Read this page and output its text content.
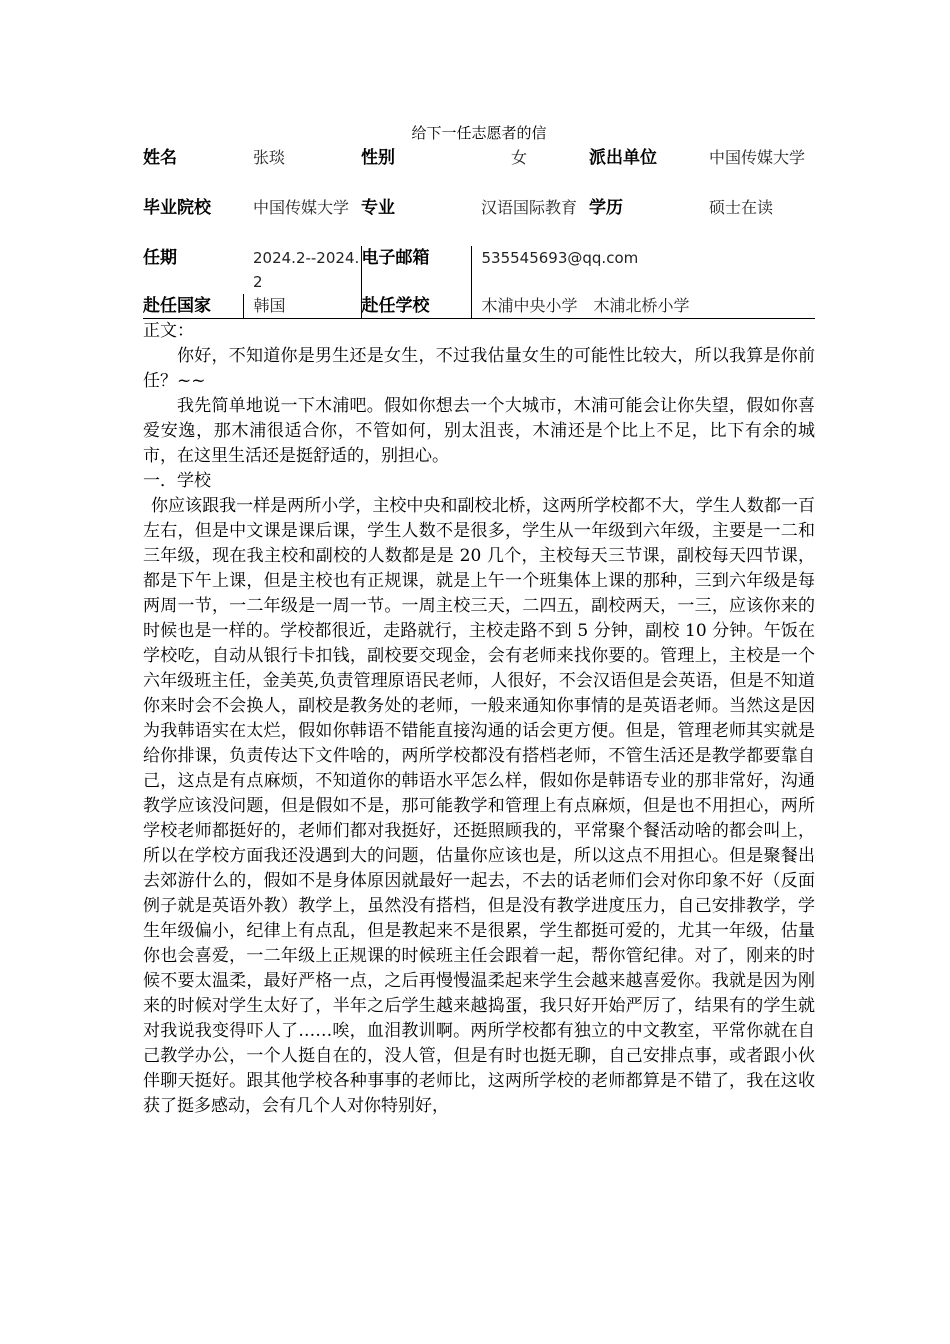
给下一任志愿者的信
姓名	张琰	性别	女	派出单位	中国传媒大学
毕业院校	中国传媒大学	专业	汉语国际教育	学历	硕士在读
任期	2024.2--2024.2	电子邮箱	535545693@qq.com		
赴任国家	韩国	赴任学校	木浦中央小学　木浦北桥小学		

正文：

你好，不知道你是男生还是女生，不过我估量女生的可能性比较大，所以我算是你前任？~~

我先简单地说一下木浦吧。假如你想去一个大城市，木浦可能会让你失望，假如你喜爱安逸，那木浦很适合你，不管如何，别太沮丧，木浦还是个比上不足，比下有余的城市，在这里生活还是挺舒适的，别担心。

一．学校

你应该跟我一样是两所小学，主校中央和副校北桥，这两所学校都不大，学生人数都一百左右，但是中文课是课后课，学生人数不是很多，学生从一年级到六年级，主要是一二和三年级，现在我主校和副校的人数都是是 20 几个，主校每天三节课，副校每天四节课，都是下午上课，但是主校也有正规课，就是上午一个班集体上课的那种，三到六年级是每两周一节，一二年级是一周一节。一周主校三天，二四五，副校两天，一三，应该你来的时候也是一样的。学校都很近，走路就行，主校走路不到 5 分钟，副校 10 分钟。午饭在学校吃，自动从银行卡扣钱，副校要交现金，会有老师来找你要的。管理上，主校是一个六年级班主任，金美英,负责管理原语民老师，人很好，不会汉语但是会英语，但是不知道你来时会不会换人，副校是教务处的老师，一般来通知你事情的是英语老师。当然这是因为我韩语实在太烂，假如你韩语不错能直接沟通的话会更方便。但是，管理老师其实就是给你排课，负责传达下文件啥的，两所学校都没有搭档老师，不管生活还是教学都要靠自己，这点是有点麻烦，不知道你的韩语水平怎么样，假如你是韩语专业的那非常好，沟通教学应该没问题，但是假如不是，那可能教学和管理上有点麻烦，但是也不用担心，两所学校老师都挺好的，老师们都对我挺好，还挺照顾我的，平常聚个餐活动啥的都会叫上，所以在学校方面我还没遇到大的问题，估量你应该也是，所以这点不用担心。但是聚餐出去郊游什么的，假如不是身体原因就最好一起去，不去的话老师们会对你印象不好（反面例子就是英语外教）教学上，虽然没有搭档，但是没有教学进度压力，自己安排教学，学生年级偏小，纪律上有点乱，但是教起来不是很累，学生都挺可爱的，尤其一年级，估量你也会喜爱，一二年级上正规课的时候班主任会跟着一起，帮你管纪律。对了，刚来的时候不要太温柔，最好严格一点，之后再慢慢温柔起来学生会越来越喜爱你。我就是因为刚来的时候对学生太好了，半年之后学生越来越捣蛋，我只好开始严厉了，结果有的学生就对我说我变得吓人了……唉，血泪教训啊。两所学校都有独立的中文教室，平常你就在自己教学办公，一个人挺自在的，没人管，但是有时也挺无聊，自己安排点事，或者跟小伙伴聊天挺好。跟其他学校各种事事的老师比，这两所学校的老师都算是不错了，我在这收获了挺多感动，会有几个人对你特别好，
